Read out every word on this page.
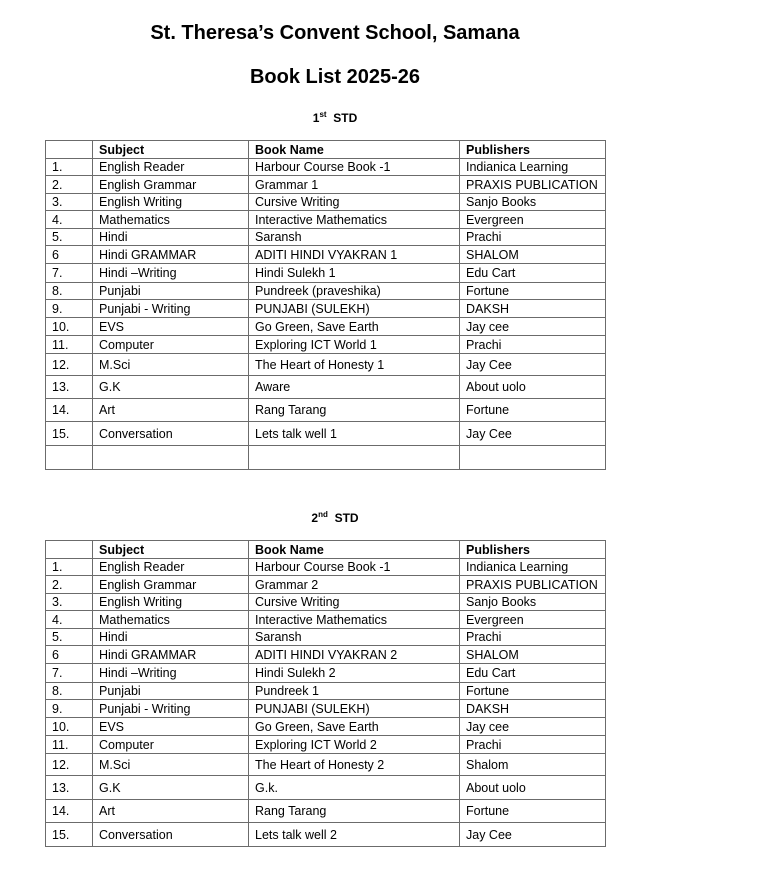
St. Theresa’s Convent School, Samana
Book List 2025-26
1st STD
	Subject	Book Name	Publishers
1.	English Reader	Harbour Course Book -1	Indianica Learning
2.	English Grammar	Grammar 1	PRAXIS PUBLICATION
3.	English Writing	Cursive Writing	Sanjo Books
4.	Mathematics	Interactive Mathematics	Evergreen
5.	Hindi	Saransh	Prachi
6	Hindi GRAMMAR	ADITI HINDI VYAKRAN 1	SHALOM
7.	Hindi –Writing	Hindi Sulekh 1	Edu Cart
8.	Punjabi	Pundreek (praveshika)	Fortune
9.	Punjabi - Writing	PUNJABI (SULEKH)	DAKSH
10.	EVS	Go Green, Save Earth	Jay cee
11.	Computer	Exploring ICT World 1	Prachi
12.	M.Sci	The Heart of Honesty 1	Jay Cee
13.	G.K	Aware	About uolo
14.	Art	Rang Tarang	Fortune
15.	Conversation	Lets talk well 1	Jay Cee

2nd STD
	Subject	Book Name	Publishers
1.	English Reader	Harbour Course Book -1	Indianica Learning
2.	English Grammar	Grammar 2	PRAXIS PUBLICATION
3.	English Writing	Cursive Writing	Sanjo Books
4.	Mathematics	Interactive Mathematics	Evergreen
5.	Hindi	Saransh	Prachi
6	Hindi GRAMMAR	ADITI HINDI VYAKRAN 2	SHALOM
7.	Hindi –Writing	Hindi Sulekh 2	Edu Cart
8.	Punjabi	Pundreek 1	Fortune
9.	Punjabi - Writing	PUNJABI (SULEKH)	DAKSH
10.	EVS	Go Green, Save Earth	Jay cee
11.	Computer	Exploring ICT World 2	Prachi
12.	M.Sci	The Heart of Honesty 2	Shalom
13.	G.K	G.k.	About uolo
14.	Art	Rang Tarang	Fortune
15.	Conversation	Lets talk well 2	Jay Cee
